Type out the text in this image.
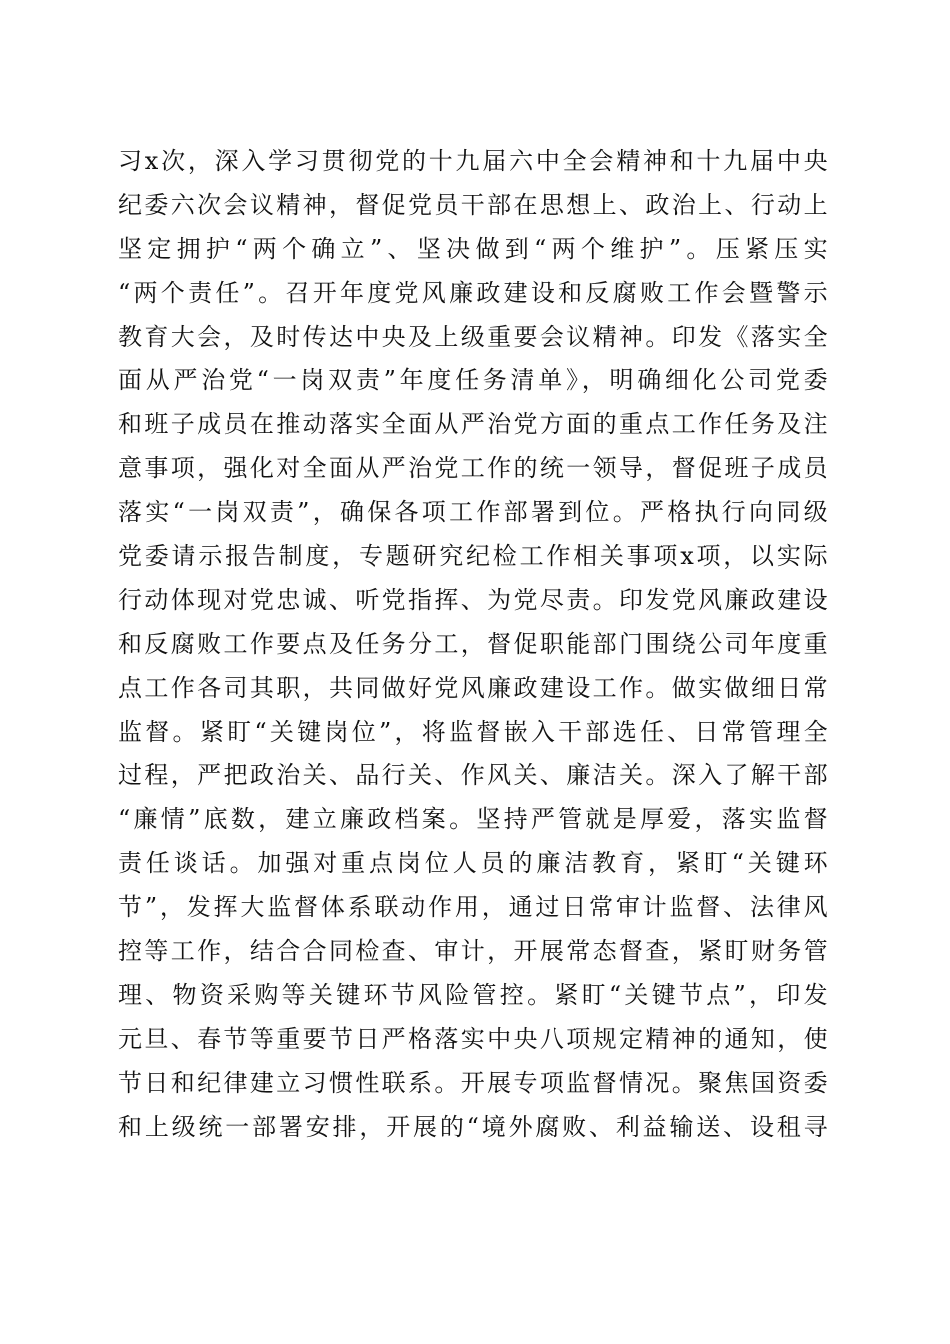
习x次，深入学习贯彻党的十九届六中全会精神和十九届中央
纪委六次会议精神，督促党员干部在思想上、政治上、行动上
坚定拥护“两个确立”、坚决做到“两个维护”。压紧压实
“两个责任”。召开年度党风廉政建设和反腐败工作会暨警示
教育大会，及时传达中央及上级重要会议精神。印发《落实全
面从严治党“一岗双责”年度任务清单》，明确细化公司党委
和班子成员在推动落实全面从严治党方面的重点工作任务及注
意事项，强化对全面从严治党工作的统一领导，督促班子成员
落实“一岗双责”，确保各项工作部署到位。严格执行向同级
党委请示报告制度，专题研究纪检工作相关事项x项，以实际
行动体现对党忠诚、听党指挥、为党尽责。印发党风廉政建设
和反腐败工作要点及任务分工，督促职能部门围绕公司年度重
点工作各司其职，共同做好党风廉政建设工作。做实做细日常
监督。紧盯“关键岗位”，将监督嵌入干部选任、日常管理全
过程，严把政治关、品行关、作风关、廉洁关。深入了解干部
“廉情”底数，建立廉政档案。坚持严管就是厚爱，落实监督
责任谈话。加强对重点岗位人员的廉洁教育，紧盯“关键环
节”，发挥大监督体系联动作用，通过日常审计监督、法律风
控等工作，结合合同检查、审计，开展常态督查，紧盯财务管
理、物资采购等关键环节风险管控。紧盯“关键节点”，印发
元旦、春节等重要节日严格落实中央八项规定精神的通知，使
节日和纪律建立习惯性联系。开展专项监督情况。聚焦国资委
和上级统一部署安排，开展的“境外腐败、利益输送、设租寻
